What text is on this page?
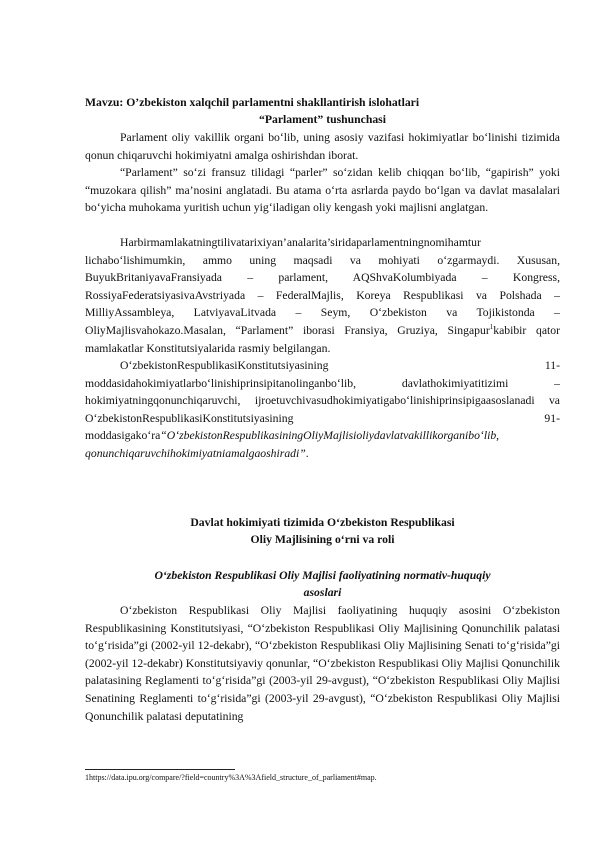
Mavzu: O’zbekiston xalqchil parlamentni shakllantirish islohatlari
“Parlament” tushunchasi
Parlament oliy vakillik organi bo‘lib, uning asosiy vazifasi hokimiyatlar bo‘linishi tizimida qonun chiqaruvchi hokimiyatni amalga oshirishdan iborat.
“Parlament” so‘zi fransuz tilidagi “parler” so‘zidan kelib chiqqan bo‘lib, “gapirish” yoki “muzokara qilish” ma’nosini anglatadi. Bu atama o‘rta asrlarda paydo bo‘lgan va davlat masalalari bo‘yicha muhokama yuritish uchun yig‘iladigan oliy kengash yoki majlisni anglatgan.
Harbirmamlakatningtilivatarixiyan’analarita’siridaparlamentningnomihamtur lichabo‘lishimumkin, ammo uning maqsadi va mohiyati o‘zgarmaydi. Xususan, BuyukBritaniyavaFransiyada – parlament, AQShvaKolumbiyada – Kongress, RossiyaFederatsiyasivaAvstriyada – FederalMajlis, Koreya Respublikasi va Polshada – MilliyAssambleya, LatviyavaLitvada – Seym, O‘zbekiston va Tojikistonda – OliyMajlisvahokazo.Masalan, “Parlament” iborasi Fransiya, Gruziya, Singapur$^1$kabibir qator mamlakatlar Konstitutsiyalarida rasmiy belgilangan.
O‘zbekistonRespublikasiKonstitutsiyasining 11-moddasidahokimiyatlarbo‘linishiprinsipitanolinganbo‘lib, davlathokimiyatitizimi – hokimiyatningqonunchiqaruvchi, ijroetuvchivasudhokimiyatigabo‘linishiprinsipigaasoslanadi va O‘zbekistonRespublikasiKonstitutsiyasining 91-moddasigako‘ra“O‘zbekistonRespublikasiningOliyMajlisioliydavlatvakillikorganibo‘lib, qonunchiqaruvchihokimiyatniamalgaoshiradi”.
Davlat hokimiyati tizimida O‘zbekiston Respublikasi
Oliy Majlisining o‘rni va roli
O‘zbekiston Respublikasi Oliy Majlisi faoliyatining normativ-huquqiy
asoslari
O‘zbekiston Respublikasi Oliy Majlisi faoliyatining huquqiy asosini O‘zbekiston Respublikasining Konstitutsiyasi, “O‘zbekiston Respublikasi Oliy Majlisining Qonunchilik palatasi to‘g‘risida”gi (2002-yil 12-dekabr), “O‘zbekiston Respublikasi Oliy Majlisining Senati to‘g‘risida”gi (2002-yil 12-dekabr) Konstitutsiyaviy qonunlar, “O‘zbekiston Respublikasi Oliy Majlisi Qonunchilik palatasining Reglamenti to‘g‘risida”gi (2003-yil 29-avgust), “O‘zbekiston Respublikasi Oliy Majlisi Senatining Reglamenti to‘g‘risida”gi (2003-yil 29-avgust), “O‘zbekiston Respublikasi Oliy Majlisi Qonunchilik palatasi deputatining
1https://data.ipu.org/compare/?field=country%3A%3Afield_structure_of_parliament#map.
